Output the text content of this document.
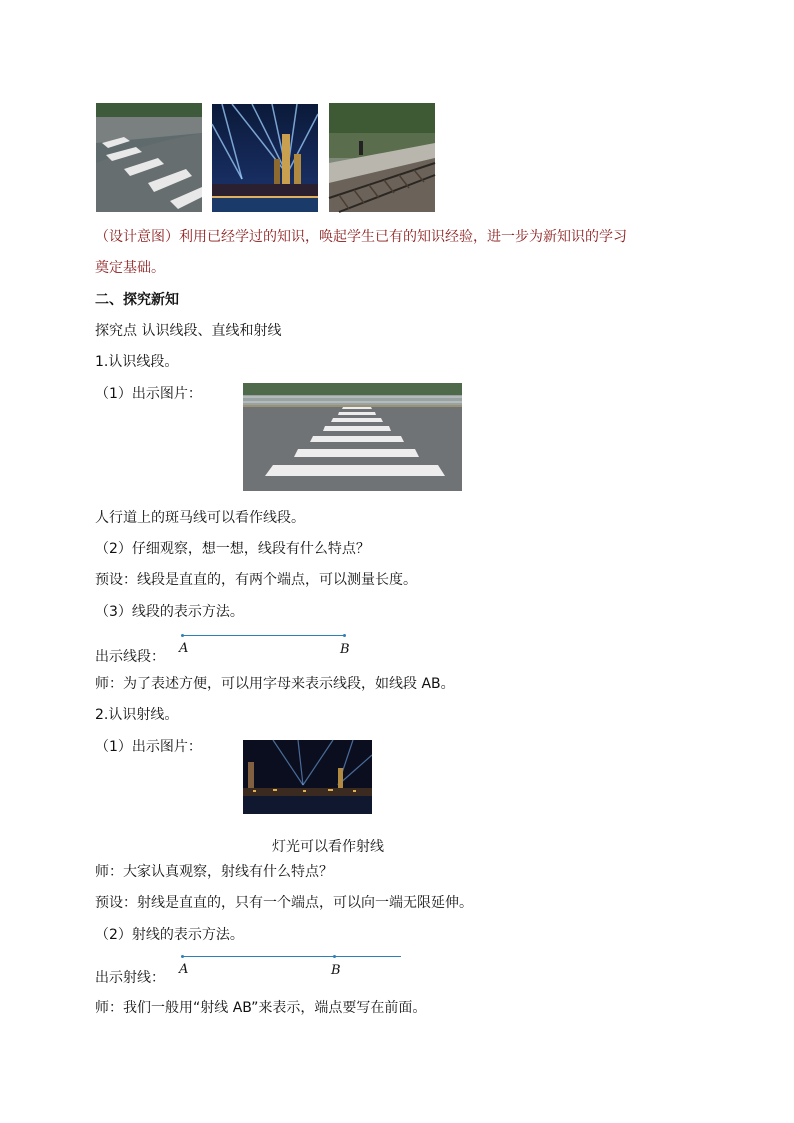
（设计意图）利用已经学过的知识，唤起学生已有的知识经验，进一步为新知识的学习
奠定基础。
二、探究新知
探究点 认识线段、直线和射线
1.认识线段。
（1）出示图片：
人行道上的斑马线可以看作线段。
（2）仔细观察，想一想，线段有什么特点？
预设：线段是直直的，有两个端点，可以测量长度。
（3）线段的表示方法。
A	B
出示线段：
师：为了表述方便，可以用字母来表示线段，如线段 AB。
2.认识射线。
（1）出示图片：
灯光可以看作射线
师：大家认真观察，射线有什么特点？
预设：射线是直直的，只有一个端点，可以向一端无限延伸。
（2）射线的表示方法。
A	B
出示射线：
师：我们一般用“射线 AB”来表示，端点要写在前面。
